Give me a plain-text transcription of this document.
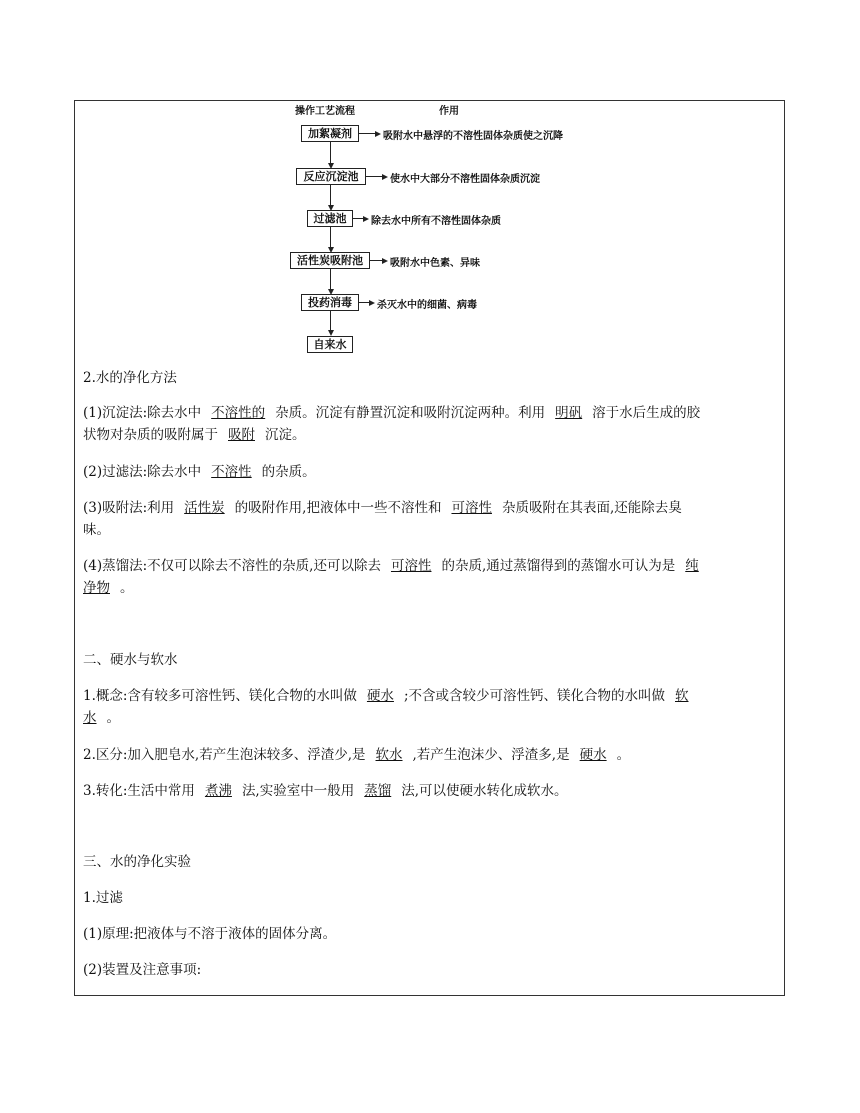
操作工艺流程	作用
加絮凝剂	吸附水中悬浮的不溶性固体杂质使之沉降
反应沉淀池	使水中大部分不溶性固体杂质沉淀
过滤池	除去水中所有不溶性固体杂质
活性炭吸附池	吸附水中色素、异味
投药消毒	杀灭水中的细菌、病毒
自来水
2.水的净化方法
(1)沉淀法:除去水中 不溶性的 杂质。沉淀有静置沉淀和吸附沉淀两种。利用 明矾 溶于水后生成的胶
状物对杂质的吸附属于 吸附 沉淀。
(2)过滤法:除去水中 不溶性 的杂质。
(3)吸附法:利用 活性炭 的吸附作用,把液体中一些不溶性和 可溶性 杂质吸附在其表面,还能除去臭
味。
(4)蒸馏法:不仅可以除去不溶性的杂质,还可以除去 可溶性 的杂质,通过蒸馏得到的蒸馏水可认为是 纯
净物 。
二、硬水与软水
1.概念:含有较多可溶性钙、镁化合物的水叫做 硬水 ;不含或含较少可溶性钙、镁化合物的水叫做 软
水 。
2.区分:加入肥皂水,若产生泡沫较多、浮渣少,是 软水 ,若产生泡沫少、浮渣多,是 硬水 。
3.转化:生活中常用 煮沸 法,实验室中一般用 蒸馏 法,可以使硬水转化成软水。
三、水的净化实验
1.过滤
(1)原理:把液体与不溶于液体的固体分离。
(2)装置及注意事项:
